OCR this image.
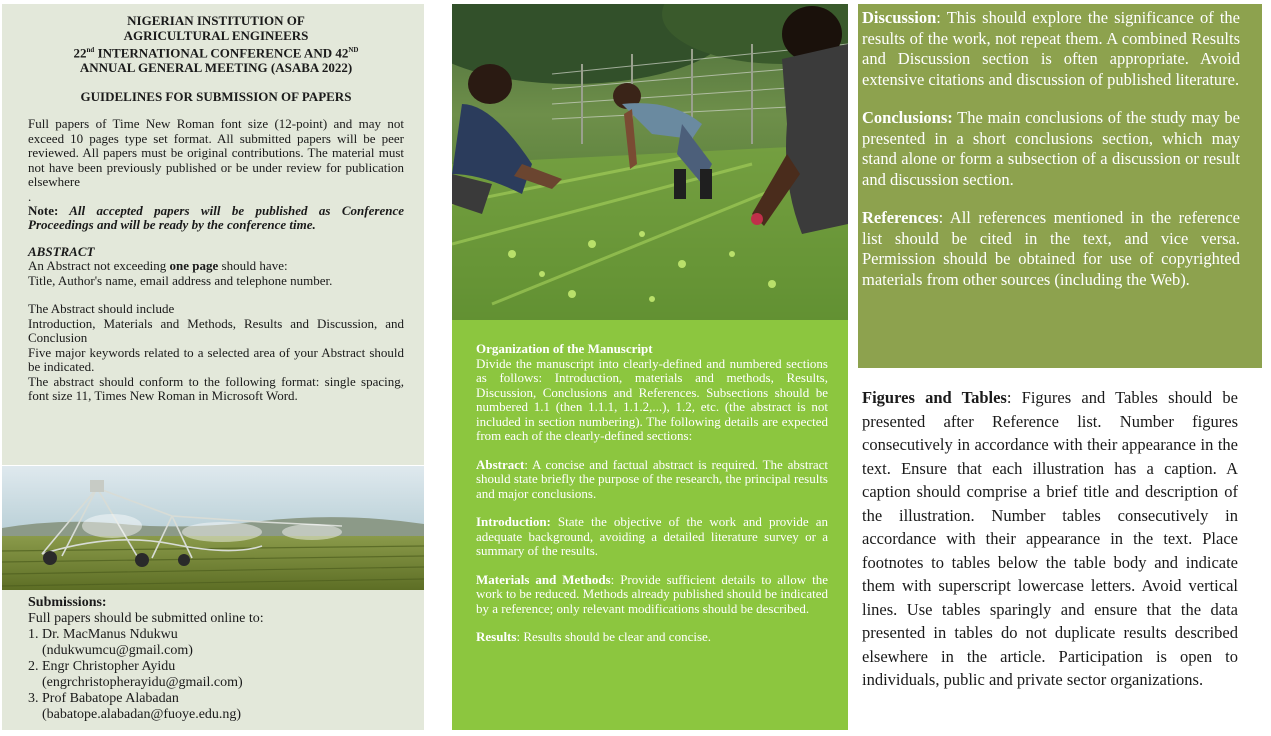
NIGERIAN INSTITUTION OF
AGRICULTURAL ENGINEERS
22nd INTERNATIONAL CONFERENCE AND 42ND
ANNUAL GENERAL MEETING (ASABA 2022)

GUIDELINES FOR SUBMISSION OF PAPERS

Full papers of Time New Roman font size (12-point) and may not exceed 10 pages type set format. All submitted papers will be peer reviewed. All papers must be original contributions. The material must not have been previously published or be under review for publication elsewhere

.

Note: All accepted papers will be published as Conference Proceedings and will be ready by the conference time.

ABSTRACT

An Abstract not exceeding one page should have:

Title, Author's name, email address and telephone number.

The Abstract should include

Introduction, Materials and Methods, Results and Discussion, and Conclusion

Five major keywords related to a selected area of your Abstract should be indicated.

The abstract should conform to the following format: single spacing, font size 11, Times New Roman in Microsoft Word.

Submissions:

Full papers should be submitted online to:

1. Dr. MacManus Ndukwu
(ndukwumcu@gmail.com)
2. Engr Christopher Ayidu
(engrchristopherayidu@gmail.com)
3. Prof Babatope Alabadan
(babatope.alabadan@fuoye.edu.ng)

Organization of the Manuscript

Divide the manuscript into clearly-defined and numbered sections as follows: Introduction, materials and methods, Results, Discussion, Conclusions and References. Subsections should be numbered 1.1 (then 1.1.1, 1.1.2,...), 1.2, etc. (the abstract is not included in section numbering). The following details are expected from each of the clearly-defined sections:

Abstract: A concise and factual abstract is required. The abstract should state briefly the purpose of the research, the principal results and major conclusions.

Introduction: State the objective of the work and provide an adequate background, avoiding a detailed literature survey or a summary of the results.

Materials and Methods: Provide sufficient details to allow the work to be reduced. Methods already published should be indicated by a reference; only relevant modifications should be described.

Results: Results should be clear and concise.

Discussion: This should explore the significance of the results of the work, not repeat them. A combined Results and Discussion section is often appropriate. Avoid extensive citations and discussion of published literature.

Conclusions: The main conclusions of the study may be presented in a short conclusions section, which may stand alone or form a subsection of a discussion or result and discussion section.

References: All references mentioned in the reference list should be cited in the text, and vice versa. Permission should be obtained for use of copyrighted materials from other sources (including the Web).

Figures and Tables: Figures and Tables should be presented after Reference list. Number figures consecutively in accordance with their appearance in the text. Ensure that each illustration has a caption. A caption should comprise a brief title and description of the illustration. Number tables consecutively in accordance with their appearance in the text. Place footnotes to tables below the table body and indicate them with superscript lowercase letters. Avoid vertical lines. Use tables sparingly and ensure that the data presented in tables do not duplicate results described elsewhere in the article. Participation is open to individuals, public and private sector organizations.
